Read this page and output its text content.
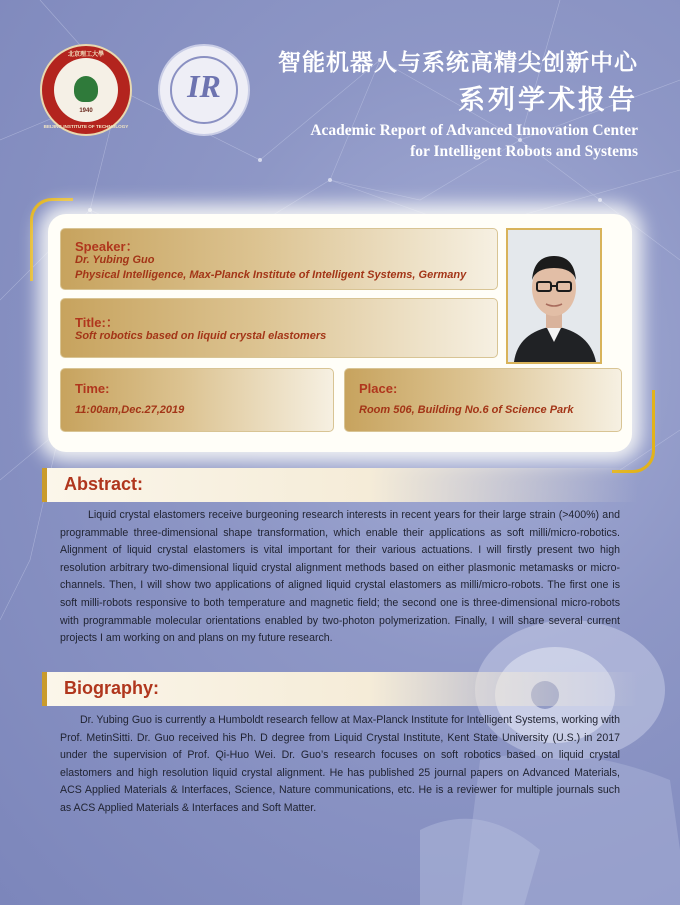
北京理工大學
1940
BEIJING INSTITUTE OF TECHNOLOGY
IR
智能机器人与系统高精尖创新中心
系列学术报告
Academic Report of Advanced Innovation Center
for Intelligent Robots and Systems
Speaker：
Dr. Yubing Guo
Physical Intelligence, Max-Planck Institute of Intelligent Systems, Germany
Title:：
Soft robotics based on liquid crystal elastomers
Time:
11:00am,Dec.27,2019
Place:
Room 506, Building No.6 of Science Park
Abstract:
Liquid crystal elastomers receive burgeoning research interests in recent years for their large strain (>400%) and programmable three-dimensional shape transformation, which enable their applications as soft milli/micro-robotics. Alignment of liquid crystal elastomers is vital important for their various actuations. I will firstly present two high resolution arbitrary two-dimensional liquid crystal alignment methods based on either plasmonic metamasks or micro-channels. Then, I will show two applications of aligned liquid crystal elastomers as milli/micro-robots. The first one is soft milli-robots responsive to both temperature and magnetic field; the second one is three-dimensional micro-robots with programmable molecular orientations enabled by two-photon polymerization. Finally, I will share several current projects I am working on and plans on my future research.
Biography:
Dr. Yubing Guo is currently a Humboldt research fellow at Max-Planck Institute for Intelligent Systems, working with Prof. MetinSitti. Dr. Guo received his Ph. D degree from Liquid Crystal Institute, Kent State University (U.S.) in 2017 under the supervision of Prof. Qi-Huo Wei. Dr. Guo’s research focuses on soft robotics based on liquid crystal elastomers and high resolution liquid crystal alignment. He has published 25 journal papers on Advanced Materials, ACS Applied Materials & Interfaces, Science, Nature communications, etc. He is a reviewer for multiple journals such as ACS Applied Materials & Interfaces and Soft Matter.
